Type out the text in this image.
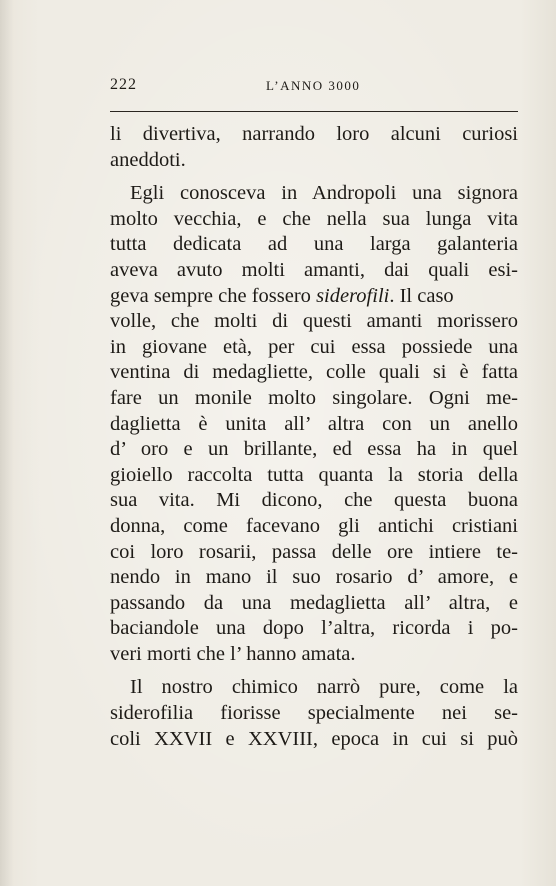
222	L’ANNO 3000
li divertiva, narrando loro alcuni curiosi
aneddoti.
Egli conosceva in Andropoli una signora
molto vecchia, e che nella sua lunga vita
tutta dedicata ad una larga galanteria
aveva avuto molti amanti, dai quali esi-
geva sempre che fossero siderofili. Il caso
volle, che molti di questi amanti morissero
in giovane età, per cui essa possiede una
ventina di medagliette, colle quali si è fatta
fare un monile molto singolare. Ogni me-
daglietta è unita all’ altra con un anello
d’ oro e un brillante, ed essa ha in quel
gioiello raccolta tutta quanta la storia della
sua vita. Mi dicono, che questa buona
donna, come facevano gli antichi cristiani
coi loro rosarii, passa delle ore intiere te-
nendo in mano il suo rosario d’ amore, e
passando da una medaglietta all’ altra, e
baciandole una dopo l’altra, ricorda i po-
veri morti che l’ hanno amata.
Il nostro chimico narrò pure, come la
siderofilia fiorisse specialmente nei se-
coli XXVII e XXVIII, epoca in cui si può
